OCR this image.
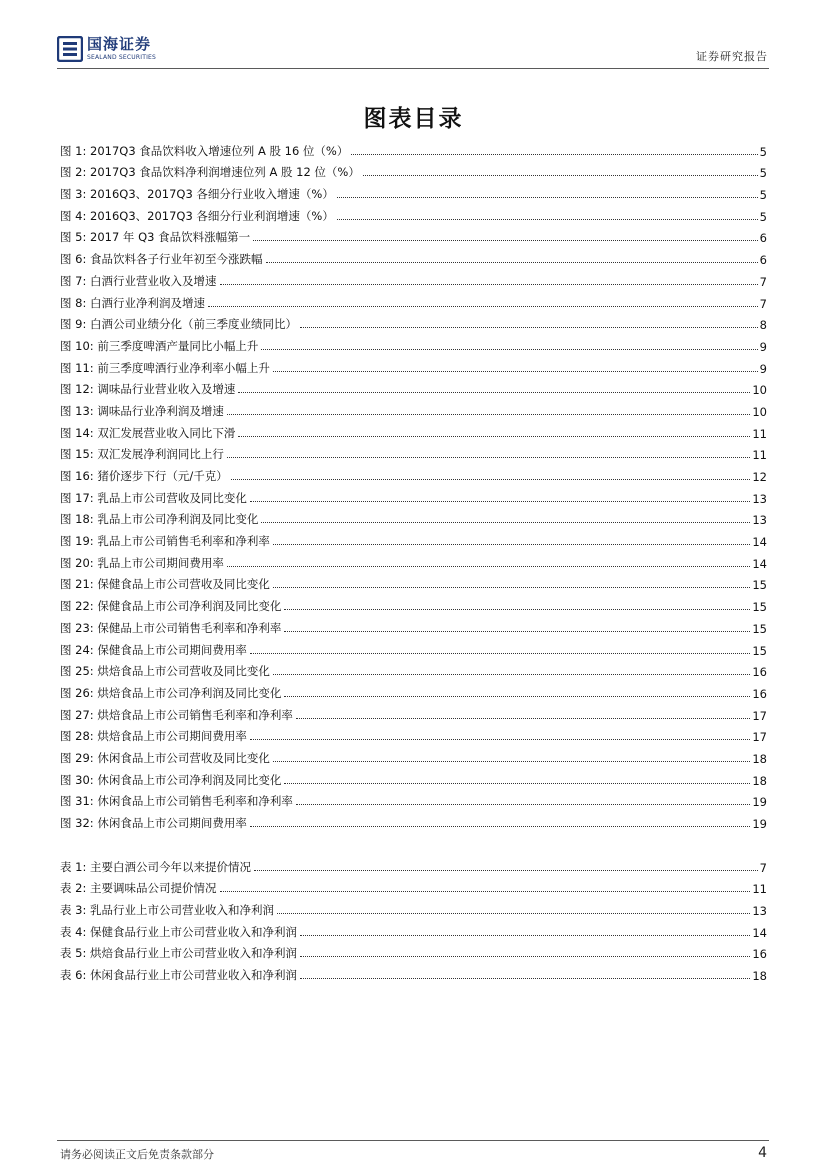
国海证券
SEALAND SECURITIES	证券研究报告
图表目录
图 1: 2017Q3 食品饮料收入增速位列 A 股 16 位（%）	5
图 2: 2017Q3 食品饮料净利润增速位列 A 股 12 位（%）	5
图 3: 2016Q3、2017Q3 各细分行业收入增速（%）	5
图 4: 2016Q3、2017Q3 各细分行业利润增速（%）	5
图 5: 2017 年 Q3 食品饮料涨幅第一	6
图 6: 食品饮料各子行业年初至今涨跌幅	6
图 7: 白酒行业营业收入及增速	7
图 8: 白酒行业净利润及增速	7
图 9: 白酒公司业绩分化（前三季度业绩同比）	8
图 10: 前三季度啤酒产量同比小幅上升	9
图 11: 前三季度啤酒行业净利率小幅上升	9
图 12: 调味品行业营业收入及增速	10
图 13: 调味品行业净利润及增速	10
图 14: 双汇发展营业收入同比下滑	11
图 15: 双汇发展净利润同比上行	11
图 16: 猪价逐步下行（元/千克）	12
图 17: 乳品上市公司营收及同比变化	13
图 18: 乳品上市公司净利润及同比变化	13
图 19: 乳品上市公司销售毛利率和净利率	14
图 20: 乳品上市公司期间费用率	14
图 21: 保健食品上市公司营收及同比变化	15
图 22: 保健食品上市公司净利润及同比变化	15
图 23: 保健品上市公司销售毛利率和净利率	15
图 24: 保健食品上市公司期间费用率	15
图 25: 烘焙食品上市公司营收及同比变化	16
图 26: 烘焙食品上市公司净利润及同比变化	16
图 27: 烘焙食品上市公司销售毛利率和净利率	17
图 28: 烘焙食品上市公司期间费用率	17
图 29: 休闲食品上市公司营收及同比变化	18
图 30: 休闲食品上市公司净利润及同比变化	18
图 31: 休闲食品上市公司销售毛利率和净利率	19
图 32: 休闲食品上市公司期间费用率	19
表 1: 主要白酒公司今年以来提价情况	7
表 2: 主要调味品公司提价情况	11
表 3: 乳品行业上市公司营业收入和净利润	13
表 4: 保健食品行业上市公司营业收入和净利润	14
表 5: 烘焙食品行业上市公司营业收入和净利润	16
表 6: 休闲食品行业上市公司营业收入和净利润	18
请务必阅读正文后免责条款部分	4
